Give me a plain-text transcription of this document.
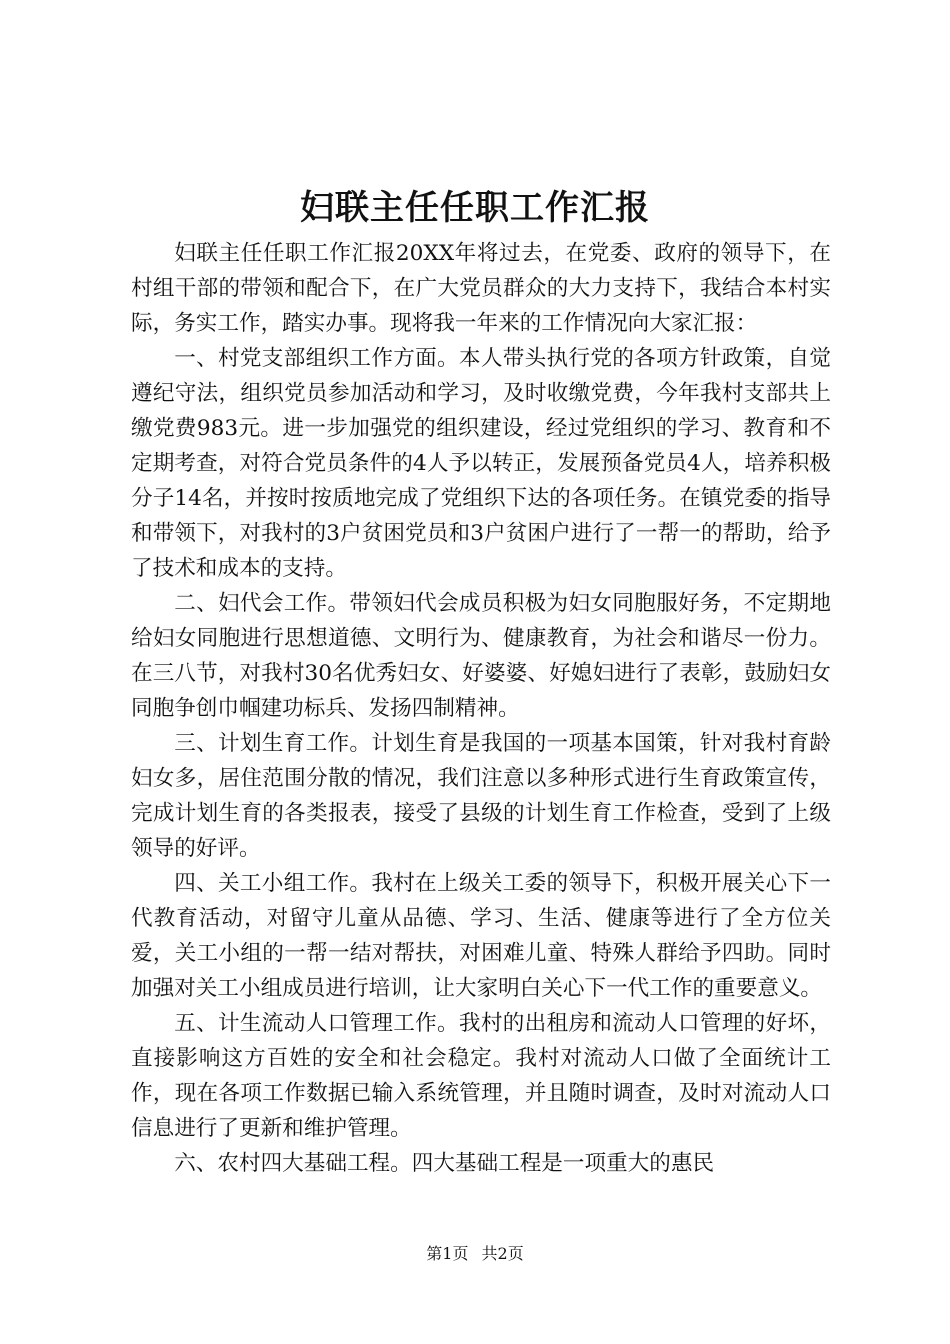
妇联主任任职工作汇报

妇联主任任职工作汇报20XX年将过去，在党委、政府的领导下，在村组干部的带领和配合下，在广大党员群众的大力支持下，我结合本村实际，务实工作，踏实办事。现将我一年来的工作情况向大家汇报：

一、村党支部组织工作方面。本人带头执行党的各项方针政策，自觉遵纪守法，组织党员参加活动和学习，及时收缴党费，今年我村支部共上缴党费983元。进一步加强党的组织建设，经过党组织的学习、教育和不定期考查，对符合党员条件的4人予以转正，发展预备党员4人，培养积极分子14名，并按时按质地完成了党组织下达的各项任务。在镇党委的指导和带领下，对我村的3户贫困党员和3户贫困户进行了一帮一的帮助，给予了技术和成本的支持。

二、妇代会工作。带领妇代会成员积极为妇女同胞服好务，不定期地给妇女同胞进行思想道德、文明行为、健康教育，为社会和谐尽一份力。在三八节，对我村30名优秀妇女、好婆婆、好媳妇进行了表彰，鼓励妇女同胞争创巾帼建功标兵、发扬四制精神。

三、计划生育工作。计划生育是我国的一项基本国策，针对我村育龄妇女多，居住范围分散的情况，我们注意以多种形式进行生育政策宣传，完成计划生育的各类报表，接受了县级的计划生育工作检查，受到了上级领导的好评。

四、关工小组工作。我村在上级关工委的领导下，积极开展关心下一代教育活动，对留守儿童从品德、学习、生活、健康等进行了全方位关爱，关工小组的一帮一结对帮扶，对困难儿童、特殊人群给予四助。同时加强对关工小组成员进行培训，让大家明白关心下一代工作的重要意义。

五、计生流动人口管理工作。我村的出租房和流动人口管理的好坏，直接影响这方百姓的安全和社会稳定。我村对流动人口做了全面统计工作，现在各项工作数据已输入系统管理，并且随时调查，及时对流动人口信息进行了更新和维护管理。

六、农村四大基础工程。四大基础工程是一项重大的惠民

第1页 共2页
